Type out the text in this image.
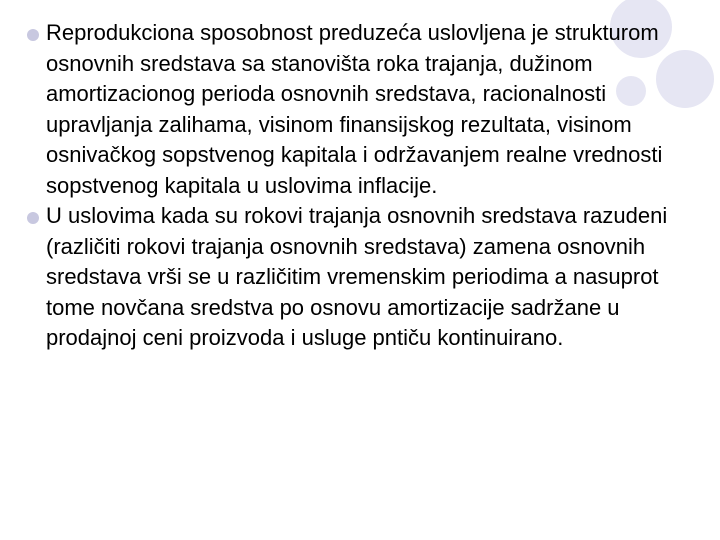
Reprodukciona sposobnost preduzeća uslovljena je strukturom osnovnih sredstava sa stanovišta roka trajanja, dužinom amortizacionog perioda osnovnih sredstava, racionalnosti upravljanja zalihama, visinom finansijskog rezultata, visinom osnivačkog sopstvenog kapitala i održavanjem realne vrednosti sopstvenog kapitala u uslovima inflacije.
U uslovima kada su rokovi trajanja osnovnih sredstava razudeni (različiti rokovi trajanja osnovnih sredstava) zamena osnovnih sredstava vrši se u različitim vremenskim periodima a nasuprot tome novčana sredstva po osnovu amortizacije sadržane u prodajnoj ceni proizvoda i usluge pntiču kontinuirano.
